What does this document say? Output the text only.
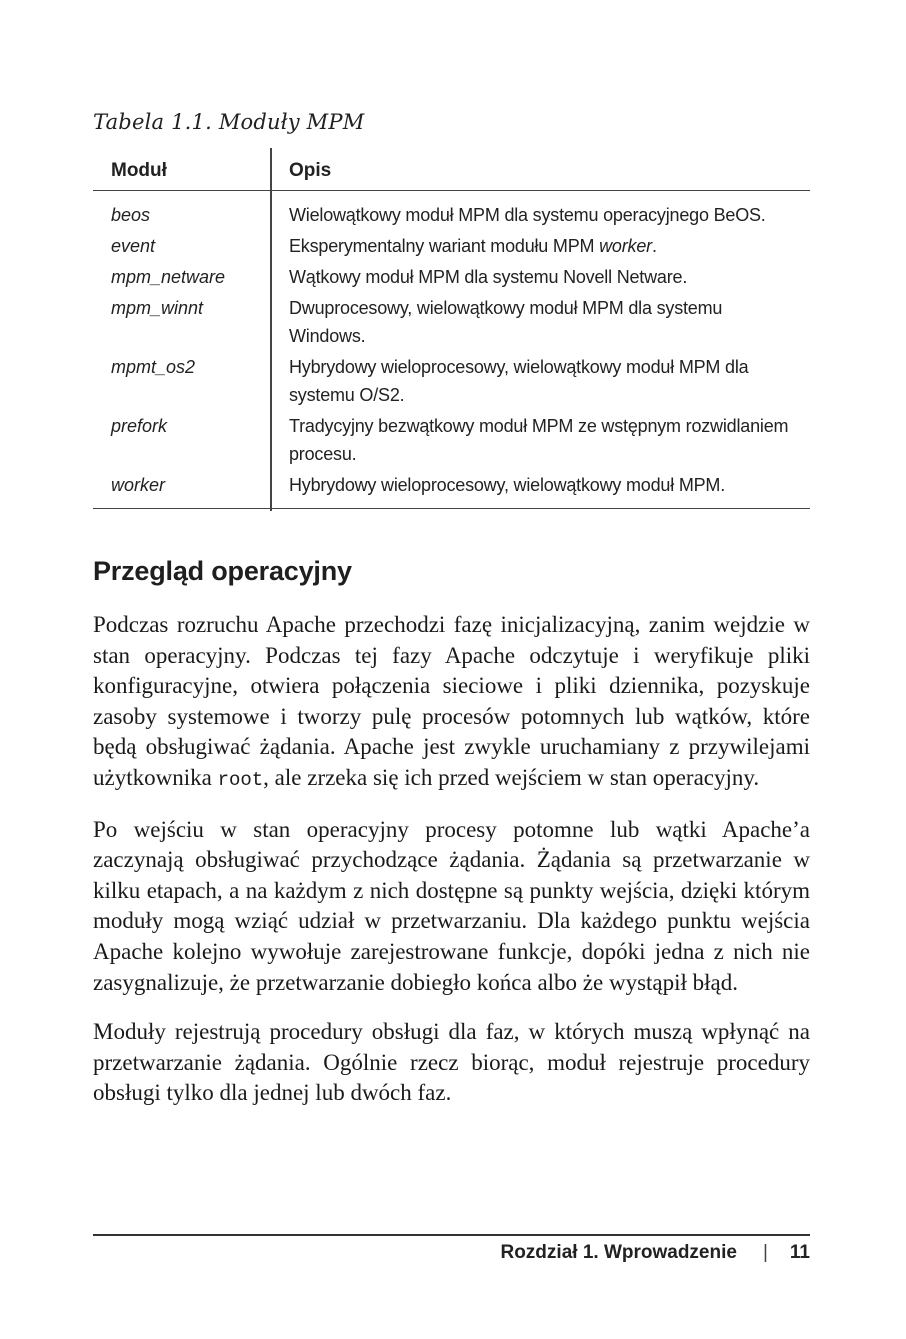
Tabela 1.1. Moduły MPM
Moduł	Opis
beos	Wielowątkowy moduł MPM dla systemu operacyjnego BeOS.
event	Eksperymentalny wariant modułu MPM worker.
mpm_netware	Wątkowy moduł MPM dla systemu Novell Netware.
mpm_winnt	Dwuprocesowy, wielowątkowy moduł MPM dla systemu Windows.
mpmt_os2	Hybrydowy wieloprocesowy, wielowątkowy moduł MPM dla systemu O/S2.
prefork	Tradycyjny bezwątkowy moduł MPM ze wstępnym rozwidlaniem procesu.
worker	Hybrydowy wieloprocesowy, wielowątkowy moduł MPM.
Przegląd operacyjny

Podczas rozruchu Apache przechodzi fazę inicjalizacyjną, zanim wejdzie w stan operacyjny. Podczas tej fazy Apache odczytuje i weryfikuje pliki konfiguracyjne, otwiera połączenia sieciowe i pliki dziennika, pozyskuje zasoby systemowe i tworzy pulę procesów potomnych lub wątków, które będą obsługiwać żądania. Apache jest zwykle uruchamiany z przywilejami użytkownika root, ale zrzeka się ich przed wejściem w stan operacyjny.

Po wejściu w stan operacyjny procesy potomne lub wątki Apache’a zaczynają obsługiwać przychodzące żądania. Żądania są przetwarzanie w kilku etapach, a na każdym z nich dostępne są punkty wejścia, dzięki którym moduły mogą wziąć udział w przetwarzaniu. Dla każdego punktu wejścia Apache kolejno wywołuje zarejestrowane funkcje, dopóki jedna z nich nie zasygnalizuje, że przetwarzanie dobiegło końca albo że wystąpił błąd.

Moduły rejestrują procedury obsługi dla faz, w których muszą wpłynąć na przetwarzanie żądania. Ogólnie rzecz biorąc, moduł rejestruje procedury obsługi tylko dla jednej lub dwóch faz.

Rozdział 1. Wprowadzenie | 11
